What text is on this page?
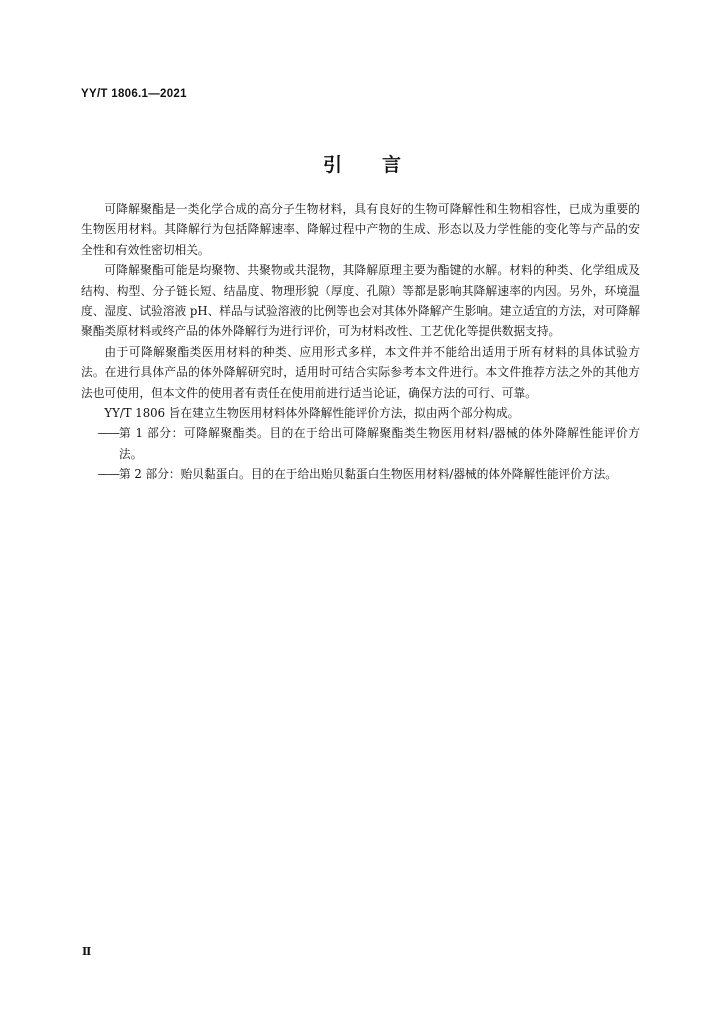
YY/T 1806.1—2021
引言

可降解聚酯是一类化学合成的高分子生物材料，具有良好的生物可降解性和生物相容性，已成为重要的生物医用材料。其降解行为包括降解速率、降解过程中产物的生成、形态以及力学性能的变化等与产品的安全性和有效性密切相关。

可降解聚酯可能是均聚物、共聚物或共混物，其降解原理主要为酯键的水解。材料的种类、化学组成及结构、构型、分子链长短、结晶度、物理形貌（厚度、孔隙）等都是影响其降解速率的内因。另外，环境温度、湿度、试验溶液 pH、样品与试验溶液的比例等也会对其体外降解产生影响。建立适宜的方法，对可降解聚酯类原材料或终产品的体外降解行为进行评价，可为材料改性、工艺优化等提供数据支持。

由于可降解聚酯类医用材料的种类、应用形式多样，本文件并不能给出适用于所有材料的具体试验方法。在进行具体产品的体外降解研究时，适用时可结合实际参考本文件进行。本文件推荐方法之外的其他方法也可使用，但本文件的使用者有责任在使用前进行适当论证，确保方法的可行、可靠。

YY/T 1806 旨在建立生物医用材料体外降解性能评价方法，拟由两个部分构成。

—— 第 1 部分：可降解聚酯类。目的在于给出可降解聚酯类生物医用材料/器械的体外降解性能评价方法。
—— 第 2 部分：贻贝黏蛋白。目的在于给出贻贝黏蛋白生物医用材料/器械的体外降解性能评价方法。
Ⅱ
